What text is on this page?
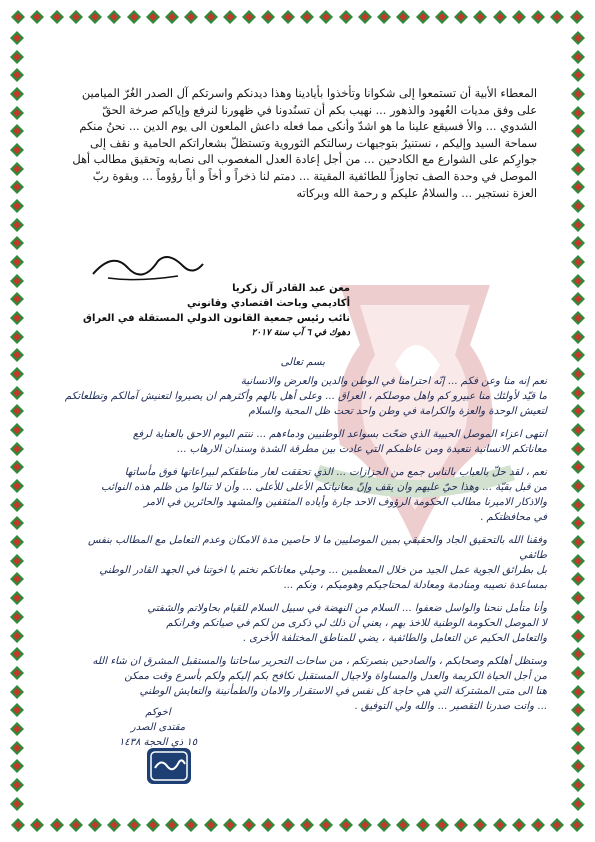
المعطاء الأبية أن تستمعوا إلى شكوانا وتأخذوا بأيادينا وهذا ديدنكم واسرتكم آل الصدر الغُرّ الميامين على وفق مديات العُهود والذهور ... نهيب بكم أن تسنُدونا في ظهورنا لنرفع وإياكم صرخة الحقّ الشدوي ... والأ فسيقع علينا ما هو اشدّ وأنكى مما فعله داعش الملعون الى يوم الدين ... نحنُ منكم سماحة السيد وإليكم ، نستنيرُ بتوجيهات رسالتكم الثوروية وتستظلّ بشعاراتكم الحامية و نقف إلى جوارِكم على الشوارع مع الكادحين ... من أجل إعادة العدل المغصوب الى نصابه وتحقيق مطالب أهل الموصل في وحدة الصف تجاوزاً للطائفية المقيتة ... دمتم لنا ذخراً و أخاً و أباً رؤوماً ... وبقوة ربّ العزة نستجير ... والسلامُ عليكم و رحمة الله وبركاته

معن عبد القادر آل زكريا
أكاديمي وباحث اقتصادي وقانوني
نائب رئيس جمعية القانون الدولي المستقلة في العراق
دهوك في ٦ آب سنة ٢٠١٧

بسم تعالى

نعم إنه منا وعن فكم ... إنّه احترامنا في الوطن والدين والعرض والانسانية

ما قيّد لأولئك منا عبيرو كم واهل موصلكم ، العراق ... وعلى أهل بالهم وأكثرهم ان يصيروا لتعنيش آمالكم وتطلعاتكم

لتعيش الوحدة والعزة والكرامة في وطن واحد تحت ظل المحبة والسلام

انتهى اعزاء الموصل الحبيبة الذي ضحّت بسواعد الوطنيين ودماءهم ... ننتم اليوم الاحق بالعناية لرفع

معاناتكم الانسانية نتعيدة ومن عاظمكم التي عادت بين مطرقة الشدة وسندان الارهاب ...

نعم ، لقد حلّ بالعباب بالناس جمع من الحزازات ... الذي تحققت لعار مناطقكم لبيراعاتها فوق مأساتها

من قبل بقيّة ... وهذا حيّ عليهم وان يقف وإنّ معانياتكم الأعلى للأعلى ... وأن لا تنالوا من ظلم هذه النوائب

والاذكار الاميرنا مطالب الحكومة الرؤوف الاحد جارة وأياده المثقفين والمشهد والحائرين في الامر

في محافظتكم .

وفقنا الله بالتحقيق الجاد والحقيقي بمين الموصليين ما لا حاصين مدة الامكان وعدم التعامل مع المطالب بنفس طائفي

بل بطرائق الجوية عمل الجيد من خلال المعظمين ... وحيلي معاناتكم نختم يا اخوتنا في الجهد القادر الوطني

بمساعدة نصيبه ومنادمة ومعادلة لمحتاجيكم وهوميكم ، ونكم ...

وأنا متأمل ننحنا والواسل ضعفوا ... السلام من النهضة في سبيل السلام للقيام بحاولاتم والشفتي

لا الموصل الحكومة الوطنية للاخذ بهم ، يعني أن ذلك لي ذكرى من لكم في صياتكم وفرانكم

والتعامل الحكيم عن التعامل والطائفية ، يضي للمناطق المختلفة الأخرى .

وستظل أهلكم وصحابكم ، والصادحين بنصرتكم ، من ساحات التحرير ساحاتنا والمستقبل المشرق ان شاء الله

من أجل الحياة الكريمة والعدل والمساواة ولاجيال المستقبل نكافح بكم إليكم ولكم بأسرع وقت ممكن

هنا الى متى المشتركة التي هي حاجة كل نفس في الاستقرار والامان والطمأنينة والتعايش الوطني

... واتت صدرنا التقصير ... والله ولي التوفيق .

اخوكم
مقتدى الصدر
١٥ ذي الحجة ١٤٣٨
